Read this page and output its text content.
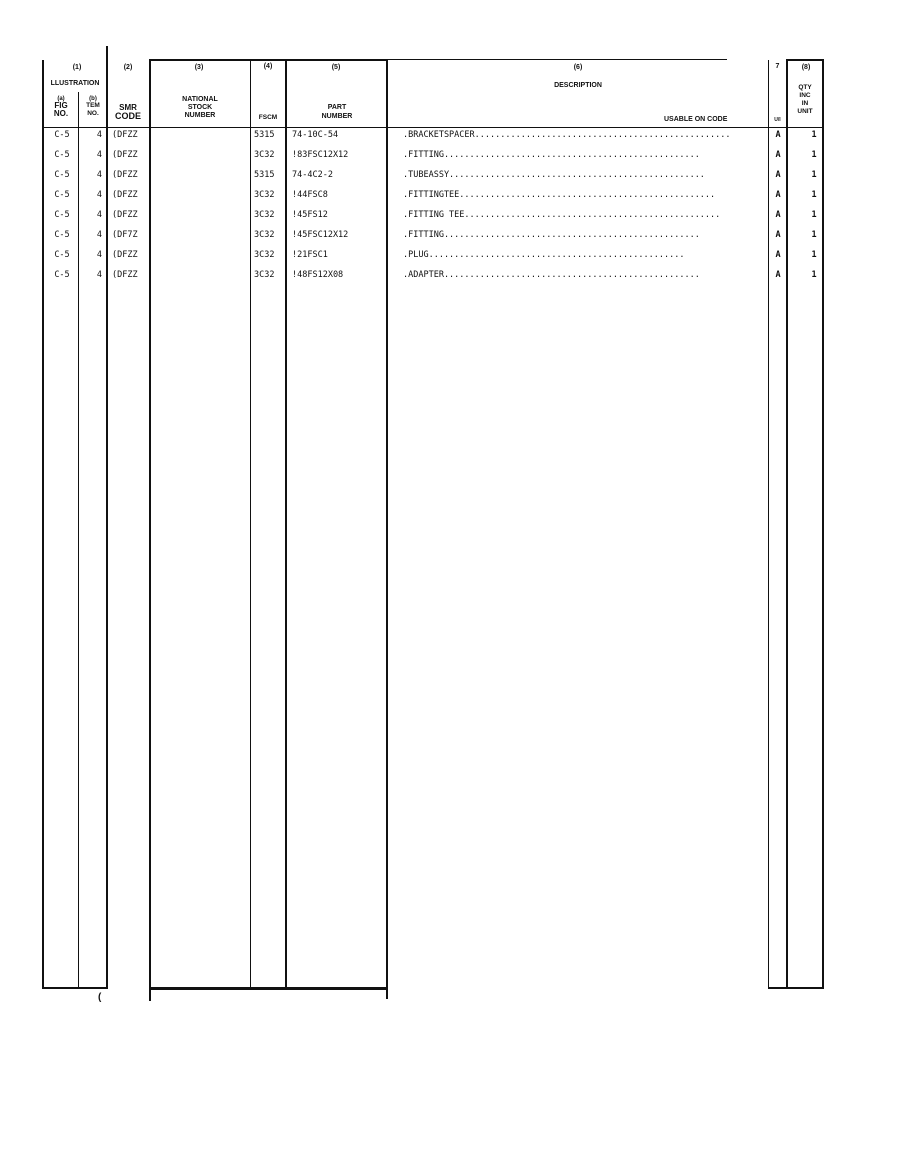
(1)
LLUSTRATION
(a)
FIG
NO.
(b)
TEM
NO.
(2)
SMR
CODE
(3)
NATIONAL
STOCK
NUMBER
(4)
FSCM
(5)
PART
NUMBER
(6)
DESCRIPTION
USABLE ON CODE
7
U/I
(8)
QTY
INC
IN
UNIT
C-5	4 (DFZZ	5315	74-10C-54	.BRACKETSPACER..................................................	A	1
C-5	4 (DFZZ	3C32	!83FSC12X12	.FITTING..................................................	A	1
C-5	4 (DFZZ	5315	74-4C2-2	.TUBEASSY..................................................	A	1
C-5	4 (DFZZ	3C32	!44FSC8	.FITTINGTEE..................................................	A	1
C-5	4 (DFZZ	3C32	!45FS12	.FITTING TEE..................................................	A	1
C-5	4 (DF7Z	3C32	!45FSC12X12	.FITTING..................................................	A	1
C-5	4 (DFZZ	3C32	!21FSC1	.PLUG..................................................	A	1
C-5	4 (DFZZ	3C32	!48FS12X08	.ADAPTER..................................................	A	1
(
